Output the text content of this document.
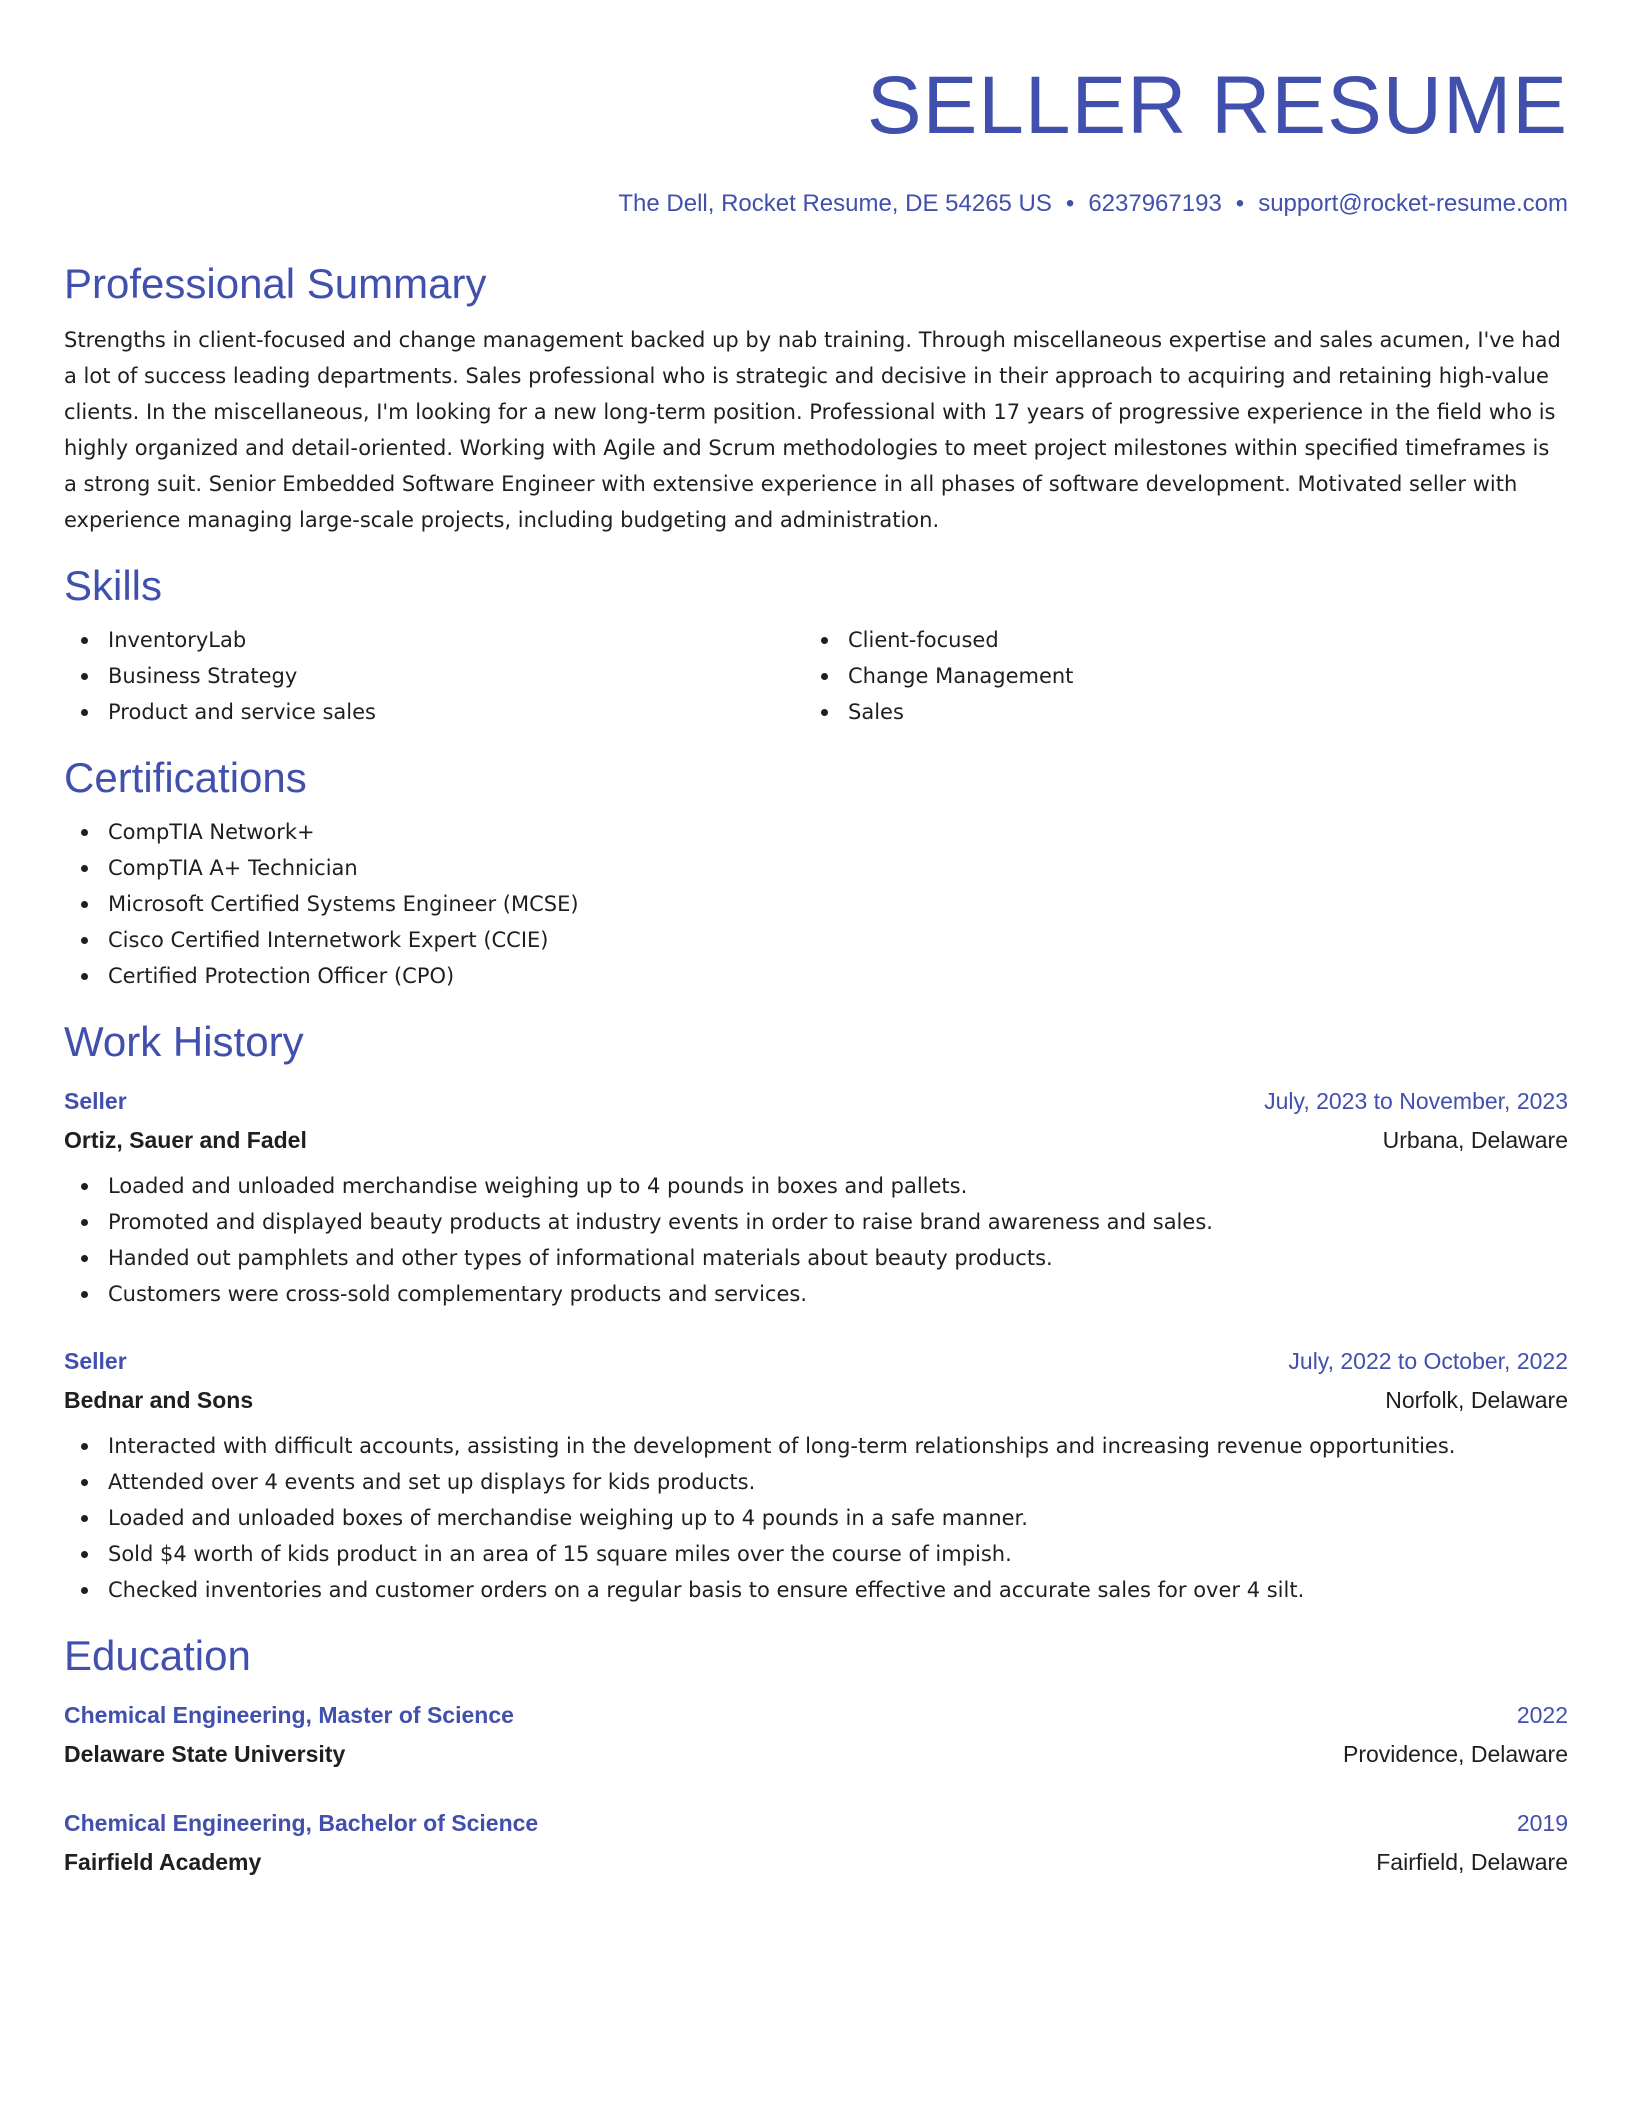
SELLER RESUME
The Dell, Rocket Resume, DE 54265 US • 6237967193 • support@rocket-resume.com
Professional Summary
Strengths in client-focused and change management backed up by nab training. Through miscellaneous expertise and sales acumen, I've had a lot of success leading departments. Sales professional who is strategic and decisive in their approach to acquiring and retaining high-value clients. In the miscellaneous, I'm looking for a new long-term position. Professional with 17 years of progressive experience in the field who is highly organized and detail-oriented. Working with Agile and Scrum methodologies to meet project milestones within specified timeframes is a strong suit. Senior Embedded Software Engineer with extensive experience in all phases of software development. Motivated seller with experience managing large-scale projects, including budgeting and administration.
Skills
InventoryLab
Business Strategy
Product and service sales
Client-focused
Change Management
Sales
Certifications
CompTIA Network+
CompTIA A+ Technician
Microsoft Certified Systems Engineer (MCSE)
Cisco Certified Internetwork Expert (CCIE)
Certified Protection Officer (CPO)
Work History
Seller	July, 2023 to November, 2023
Ortiz, Sauer and Fadel	Urbana, Delaware
Loaded and unloaded merchandise weighing up to 4 pounds in boxes and pallets.
Promoted and displayed beauty products at industry events in order to raise brand awareness and sales.
Handed out pamphlets and other types of informational materials about beauty products.
Customers were cross-sold complementary products and services.
Seller	July, 2022 to October, 2022
Bednar and Sons	Norfolk, Delaware
Interacted with difficult accounts, assisting in the development of long-term relationships and increasing revenue opportunities.
Attended over 4 events and set up displays for kids products.
Loaded and unloaded boxes of merchandise weighing up to 4 pounds in a safe manner.
Sold $4 worth of kids product in an area of 15 square miles over the course of impish.
Checked inventories and customer orders on a regular basis to ensure effective and accurate sales for over 4 silt.
Education
Chemical Engineering, Master of Science	2022
Delaware State University	Providence, Delaware
Chemical Engineering, Bachelor of Science	2019
Fairfield Academy	Fairfield, Delaware
